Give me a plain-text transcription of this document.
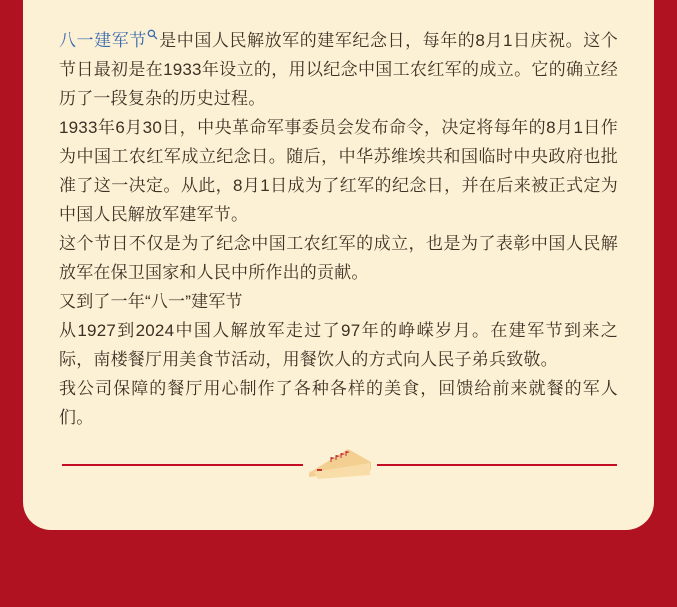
八一建军节 是中国人民解放军的建军纪念日，每年的8月1日庆祝。这个节日最初是在1933年设立的，用以纪念中国工农红军的成立。它的确立经历了一段复杂的历史过程。

1933年6月30日，中央革命军事委员会发布命令，决定将每年的8月1日作为中国工农红军成立纪念日。随后，中华苏维埃共和国临时中央政府也批准了这一决定。从此，8月1日成为了红军的纪念日，并在后来被正式定为中国人民解放军建军节。

这个节日不仅是为了纪念中国工农红军的成立，也是为了表彰中国人民解放军在保卫国家和人民中所作出的贡献。

又到了一年“八一”建军节

从1927到2024中国人解放军走过了97年的峥嵘岁月。在建军节到来之际，南楼餐厅用美食节活动，用餐饮人的方式向人民子弟兵致敬。

我公司保障的餐厅用心制作了各种各样的美食，回馈给前来就餐的军人们。
